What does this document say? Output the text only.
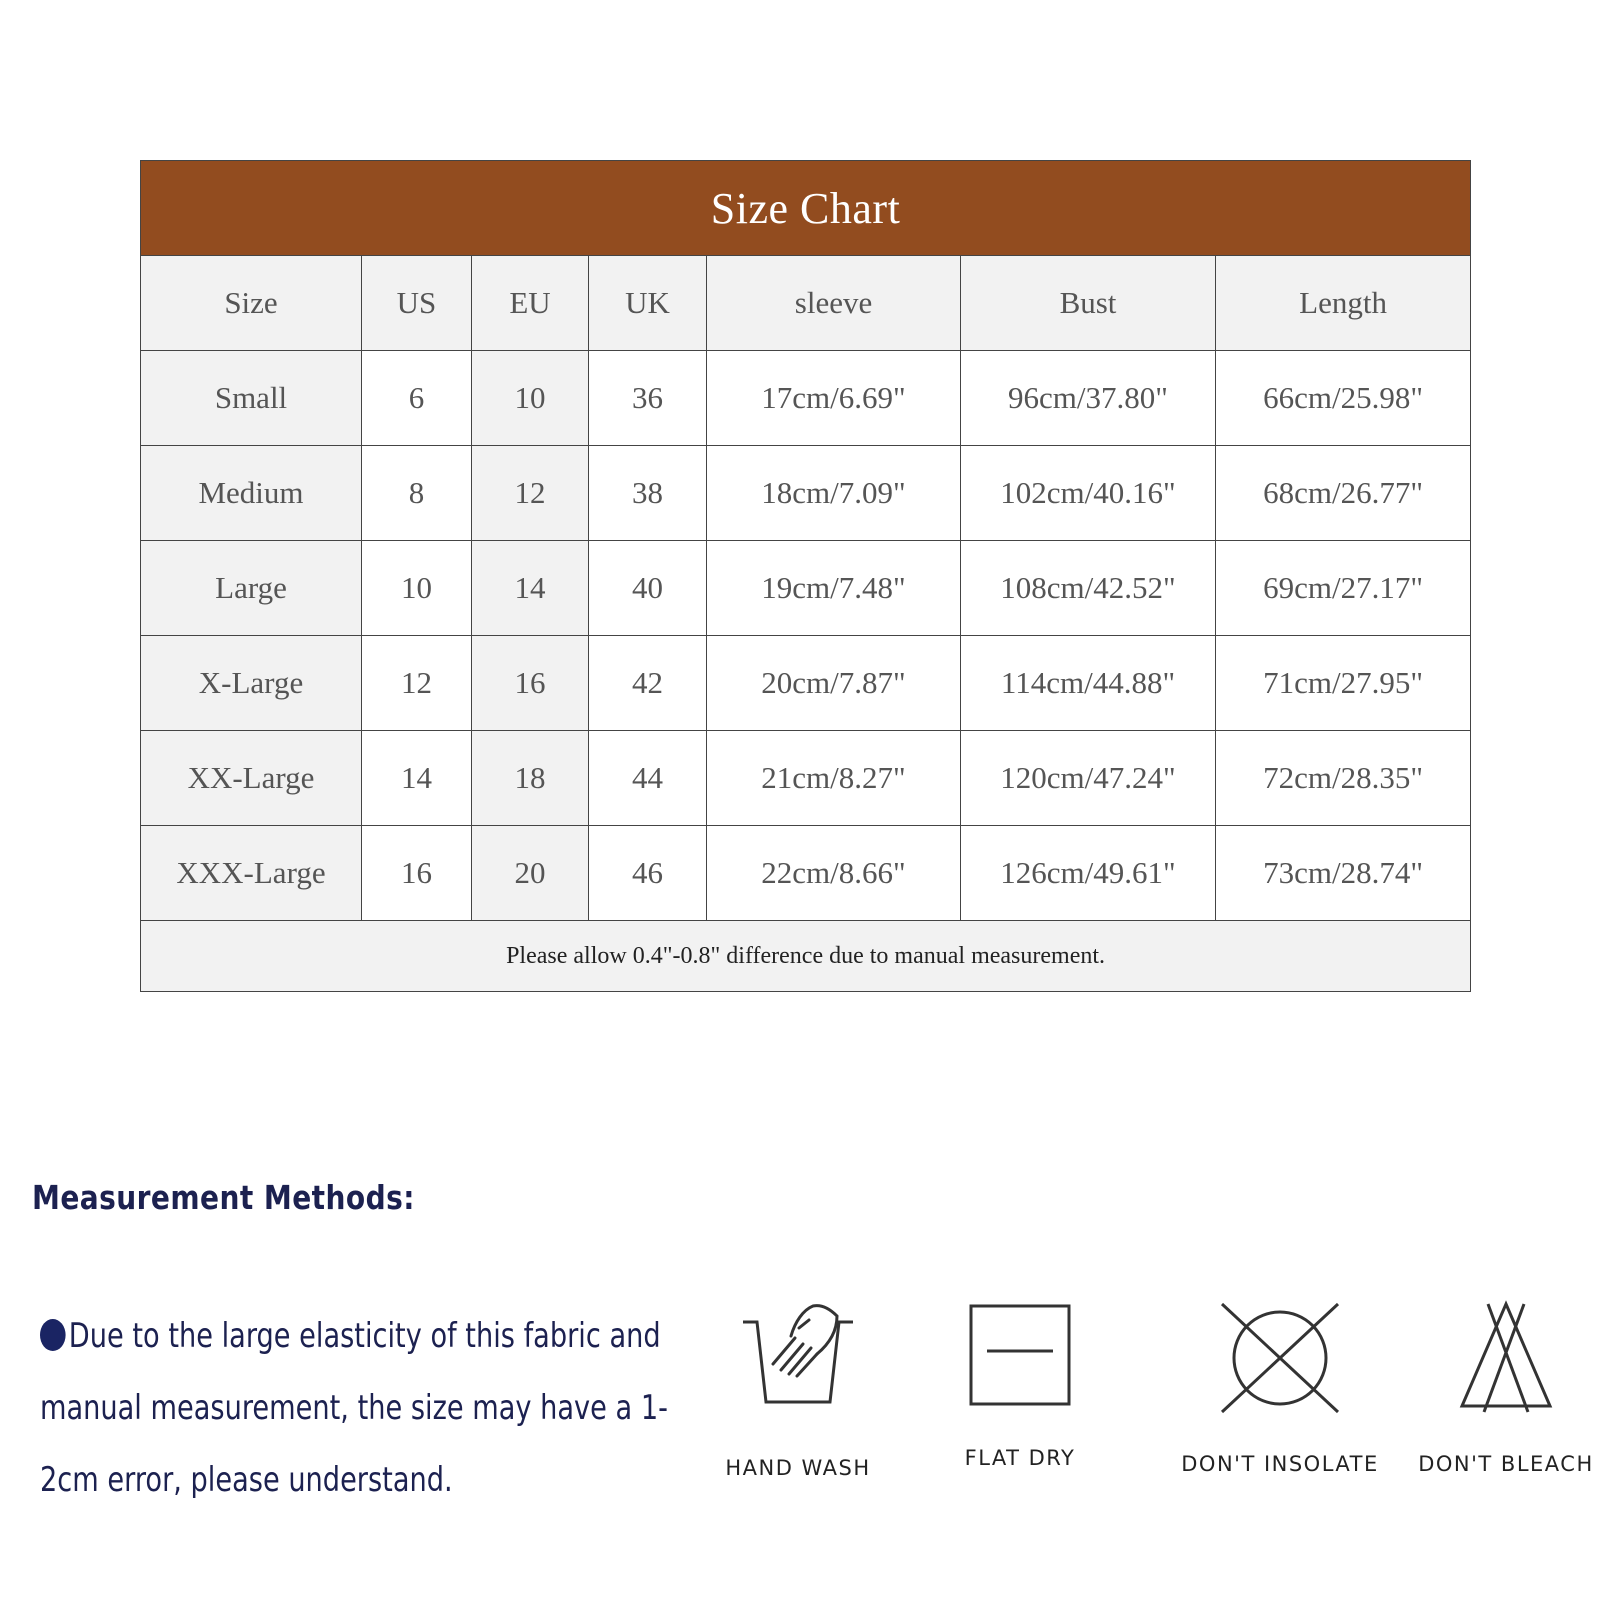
Size Chart						
Size	US	EU	UK	sleeve	Bust	Length
Small	6	10	36	17cm/6.69"	96cm/37.80"	66cm/25.98"
Medium	8	12	38	18cm/7.09"	102cm/40.16"	68cm/26.77"
Large	10	14	40	19cm/7.48"	108cm/42.52"	69cm/27.17"
X-Large	12	16	42	20cm/7.87"	114cm/44.88"	71cm/27.95"
XX-Large	14	18	44	21cm/8.27"	120cm/47.24"	72cm/28.35"
XXX-Large	16	20	46	22cm/8.66"	126cm/49.61"	73cm/28.74"
Please allow 0.4"-0.8" difference due to manual measurement.						
Measurement Methods:
Due to the large elasticity of this fabric and manual measurement, the size may have a 1-2cm error, please understand.	HAND WASH	FLAT DRY	DON'T INSOLATE DON'T BLEACH
